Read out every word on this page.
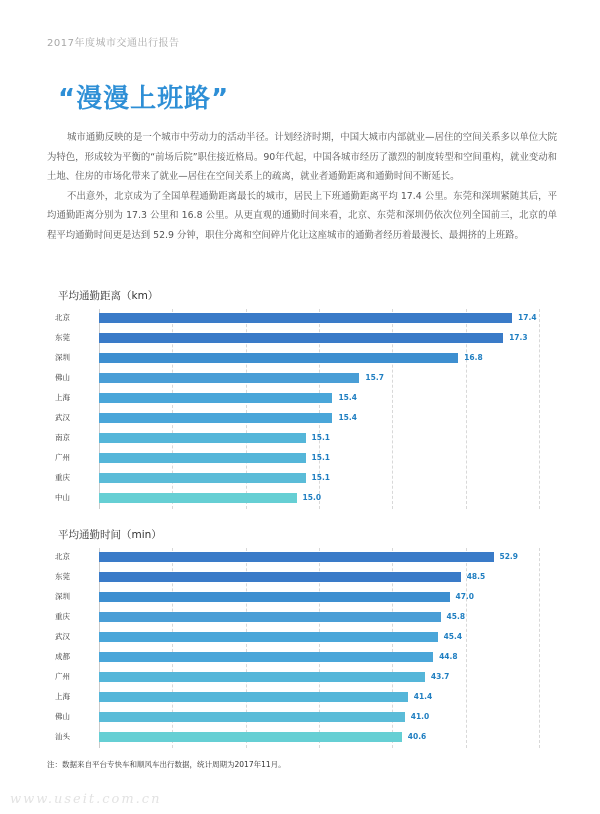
2017年度城市交通出行报告
“漫漫上班路”

城市通勤反映的是一个城市中劳动力的活动半径。计划经济时期，中国大城市内部就业—居住的空间关系多以单位大院为特色，形成较为平衡的“前场后院”职住接近格局。90年代起，中国各城市经历了激烈的制度转型和空间重构，就业变动和土地、住房的市场化带来了就业—居住在空间关系上的疏离，就业者通勤距离和通勤时间不断延长。

不出意外，北京成为了全国单程通勤距离最长的城市，居民上下班通勤距离平均 17.4 公里。东莞和深圳紧随其后，平均通勤距离分别为 17.3 公里和 16.8 公里。从更直观的通勤时间来看，北京、东莞和深圳仍依次位列全国前三，北京的单程平均通勤时间更是达到 52.9 分钟，职住分离和空间碎片化让这座城市的通勤者经历着最漫长、最拥挤的上班路。

平均通勤距离（km）
北京	17.4
东莞	17.3
深圳	16.8
佛山	15.7
上海	15.4
武汉	15.4
南京	15.1
广州	15.1
重庆	15.1
中山	15.0
平均通勤时间（min）
北京	52.9
东莞	48.5
深圳	47.0
重庆	45.8
武汉	45.4
成都	44.8
广州	43.7
上海	41.4
佛山	41.0
汕头	40.6
注：数据来自平台专快车和顺风车出行数据，统计周期为2017年11月。
www.useit.com.cn
